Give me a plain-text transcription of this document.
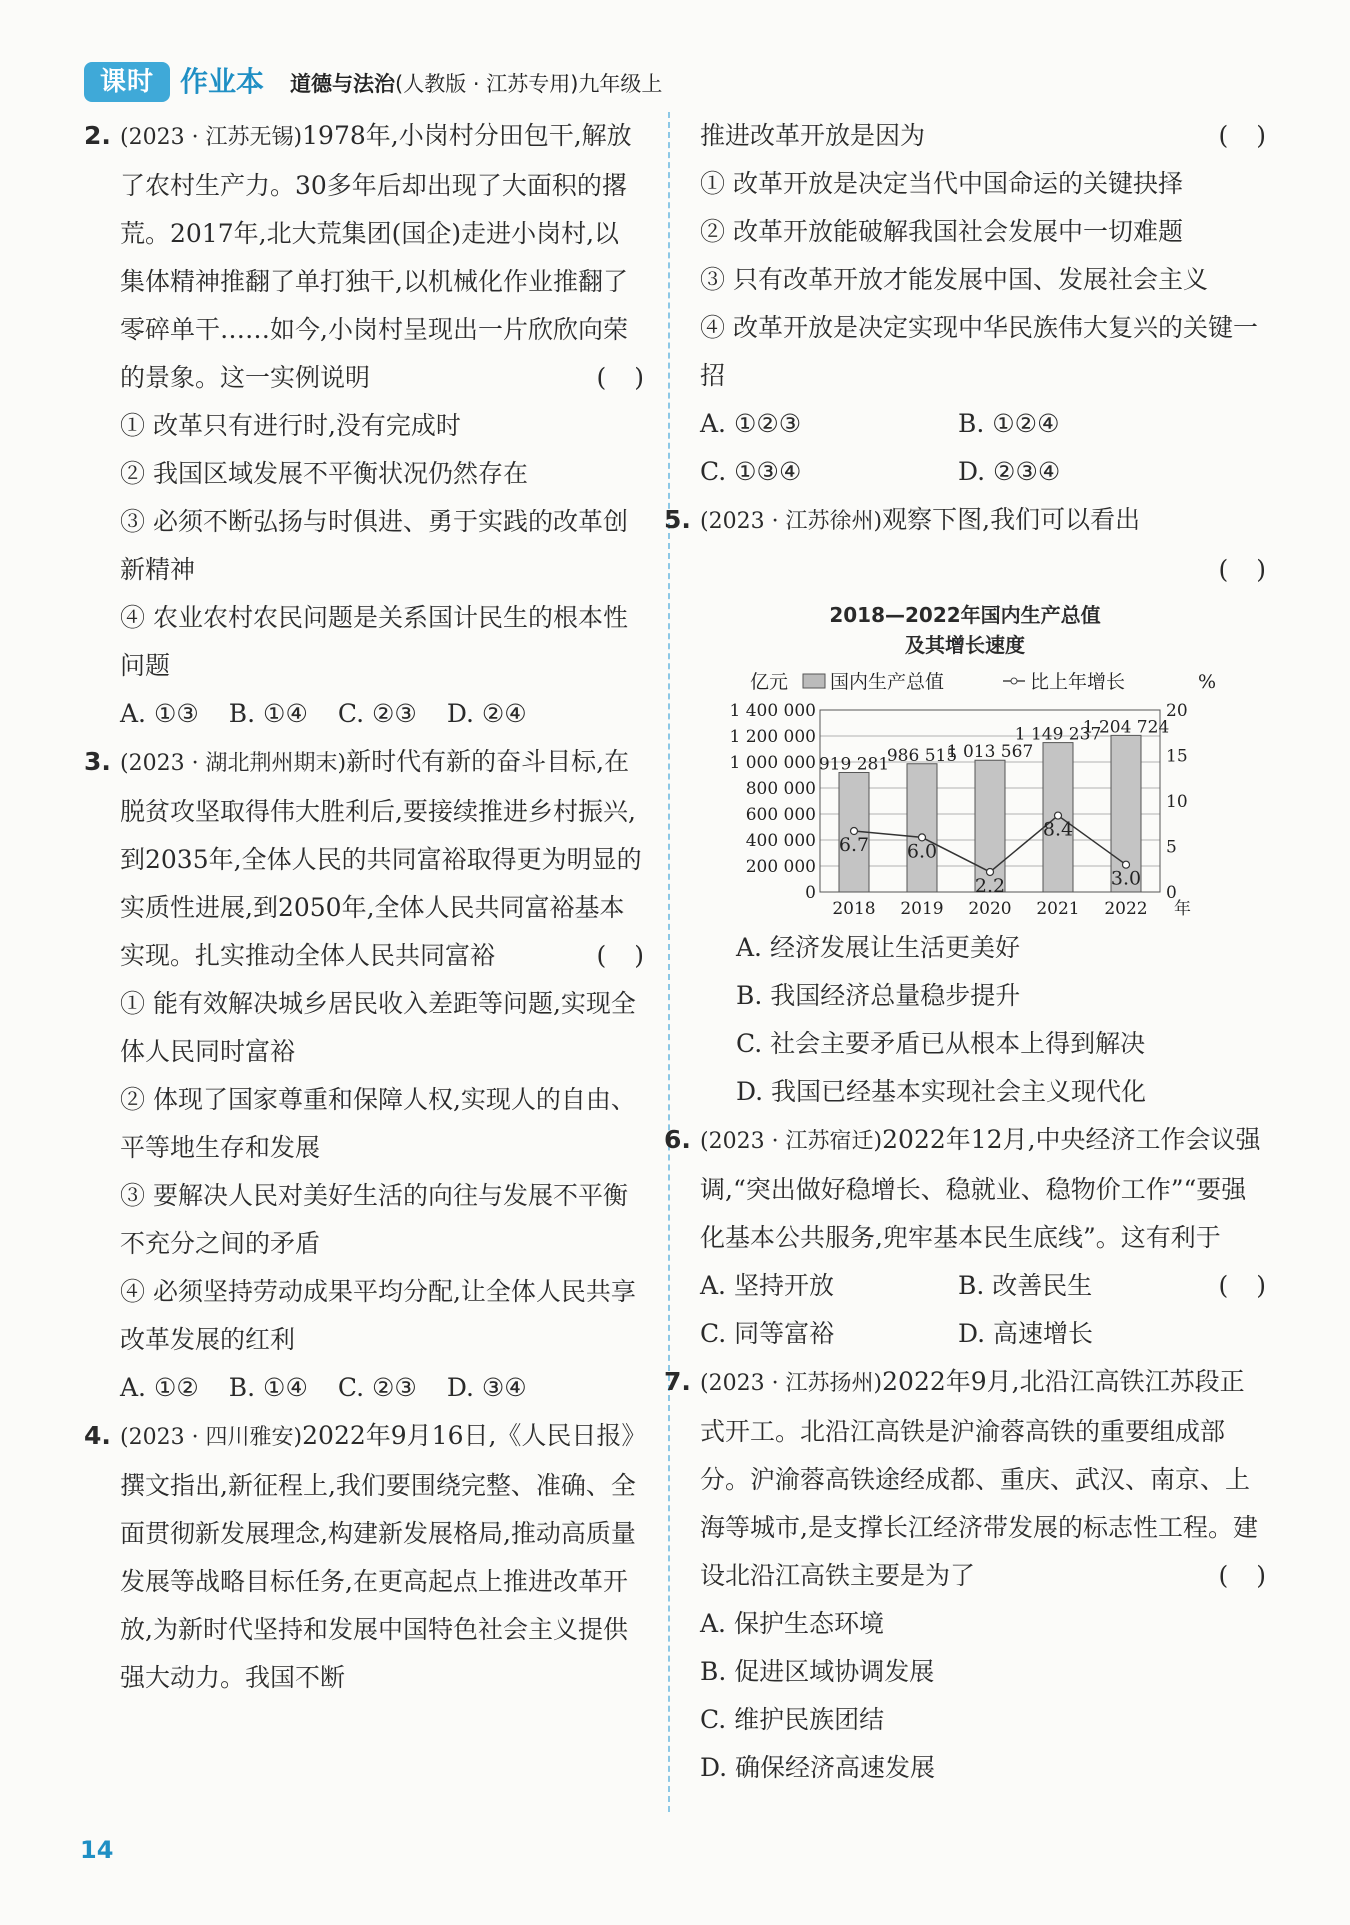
课时 作业本 道德与法治(人教版 · 江苏专用)九年级上
2. (2023 · 江苏无锡)1978年,小岗村分田包干,解放了农村生产力。30多年后却出现了大面积的撂荒。2017年,北大荒集团(国企)走进小岗村,以集体精神推翻了单打独干,以机械化作业推翻了零碎单干……如今,小岗村呈现出一片欣欣向荣的景象。这一实例说明	()
① 改革只有进行时,没有完成时
② 我国区域发展不平衡状况仍然存在
③ 必须不断弘扬与时俱进、勇于实践的改革创新精神
④ 农业农村农民问题是关系国计民生的根本性问题
A. ①③ B. ①④ C. ②③ D. ②④
3. (2023 · 湖北荆州期末)新时代有新的奋斗目标,在脱贫攻坚取得伟大胜利后,要接续推进乡村振兴,到2035年,全体人民的共同富裕取得更为明显的实质性进展,到2050年,全体人民共同富裕基本实现。扎实推动全体人民共同富裕	()
① 能有效解决城乡居民收入差距等问题,实现全体人民同时富裕
② 体现了国家尊重和保障人权,实现人的自由、平等地生存和发展
③ 要解决人民对美好生活的向往与发展不平衡不充分之间的矛盾
④ 必须坚持劳动成果平均分配,让全体人民共享改革发展的红利
A. ①② B. ①④ C. ②③ D. ③④
4. (2023 · 四川雅安)2022年9月16日,《人民日报》撰文指出,新征程上,我们要围绕完整、准确、全面贯彻新发展理念,构建新发展格局,推动高质量发展等战略目标任务,在更高起点上推进改革开放,为新时代坚持和发展中国特色社会主义提供强大动力。我国不断
推进改革开放是因为	()
① 改革开放是决定当代中国命运的关键抉择
② 改革开放能破解我国社会发展中一切难题
③ 只有改革开放才能发展中国、发展社会主义
④ 改革开放是决定实现中华民族伟大复兴的关键一招
A. ①②③	B. ①②④
C. ①③④	D. ②③④
5. (2023 · 江苏徐州)观察下图,我们可以看出
()
2018—2022年国内生产总值
及其增长速度
0
200 000
400 000
600 000
800 000
1 000 000
1 200 000
1 400 000
0
5
10
15
20
亿元 国内生产总值	比上年增长	%
919 281
2018
986 515
2019
1 013 567
2020
1 149 237
2021
1 204 724
2022 年
6.7 6.0
2.2
8.4
3.0
A. 经济发展让生活更美好
B. 我国经济总量稳步提升
C. 社会主要矛盾已从根本上得到解决
D. 我国已经基本实现社会主义现代化
6. (2023 · 江苏宿迁)2022年12月,中央经济工作会议强调,“突出做好稳增长、稳就业、稳物价工作”“要强化基本公共服务,兜牢基本民生底线”。这有利于
()
A. 坚持开放	B. 改善民生
C. 同等富裕	D. 高速增长
7. (2023 · 江苏扬州)2022年9月,北沿江高铁江苏段正式开工。北沿江高铁是沪渝蓉高铁的重要组成部分。沪渝蓉高铁途经成都、重庆、武汉、南京、上海等城市,是支撑长江经济带发展的标志性工程。建设北沿江高铁主要是为了	()
A. 保护生态环境
B. 促进区域协调发展
C. 维护民族团结
D. 确保经济高速发展
14
